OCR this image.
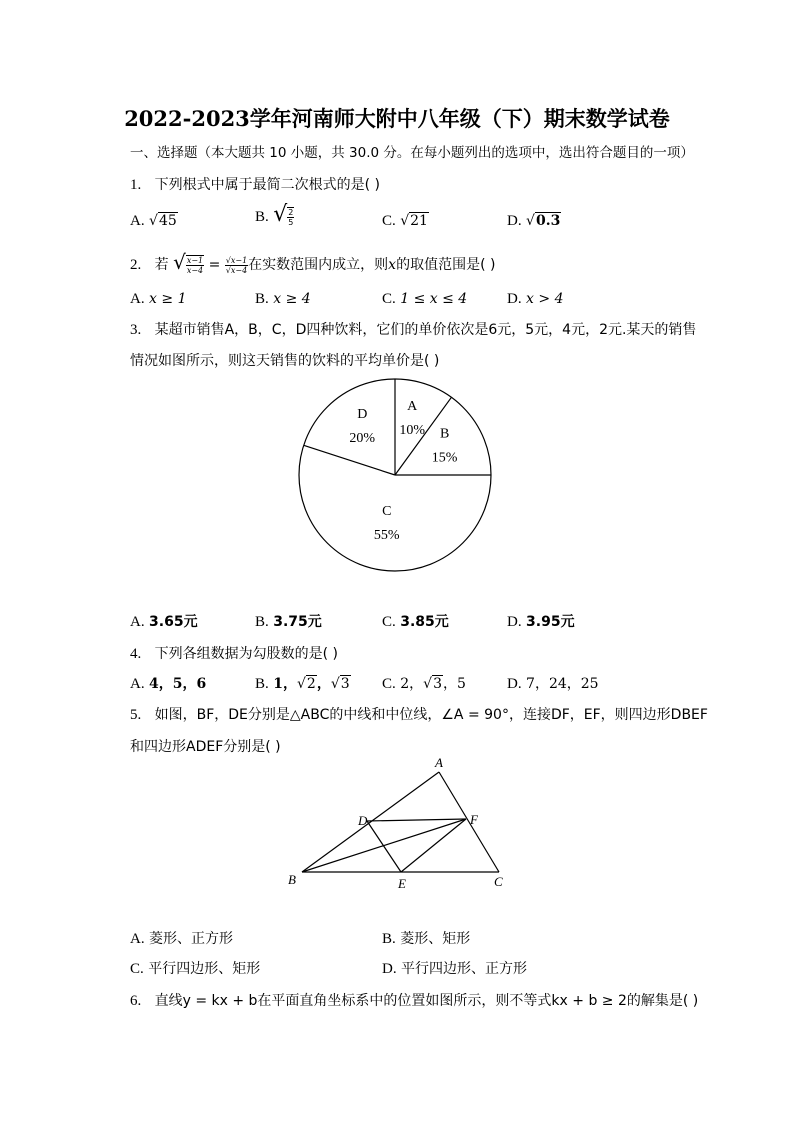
2022-2023学年河南师大附中八年级（下）期末数学试卷
一、选择题（本大题共 10 小题，共 30.0 分。在每小题列出的选项中，选出符合题目的一项）
1. 下列根式中属于最简二次根式的是( )
A. √45	B. √ $\frac{2}{5}$	C. √21	D. √0.3
2. 若 √ $\frac{x-1}{x-4} = \frac{√x-1}{√x-4}$ 在实数范围内成立，则x的取值范围是( )
A. x ≥ 1	B. x ≥ 4	C. 1 ≤ x ≤ 4	D. x > 4
3. 某超市销售A，B，C，D四种饮料，它们的单价依次是6元，5元，4元，2元.某天的销售
情况如图所示，则这天销售的饮料的平均单价是( )
A
10% B
15%
C
55%
D
20%
A. 3.65元	B. 3.75元	C. 3.85元	D. 3.95元
4. 下列各组数据为勾股数的是( )
A. 4，5，6	B. 1，√2，√3 C. 2，√3，5	D. 7，24，25
5. 如图，BF，DE分别是△ABC的中线和中位线，∠A = 90°，连接DF，EF，则四边形DBEF
和四边形ADEF分别是( )
A
D	F
B	E	C
A. 菱形、正方形	B. 菱形、矩形
C. 平行四边形、矩形	D. 平行四边形、正方形
6. 直线y = kx + b在平面直角坐标系中的位置如图所示，则不等式kx + b ≥ 2的解集是( )
